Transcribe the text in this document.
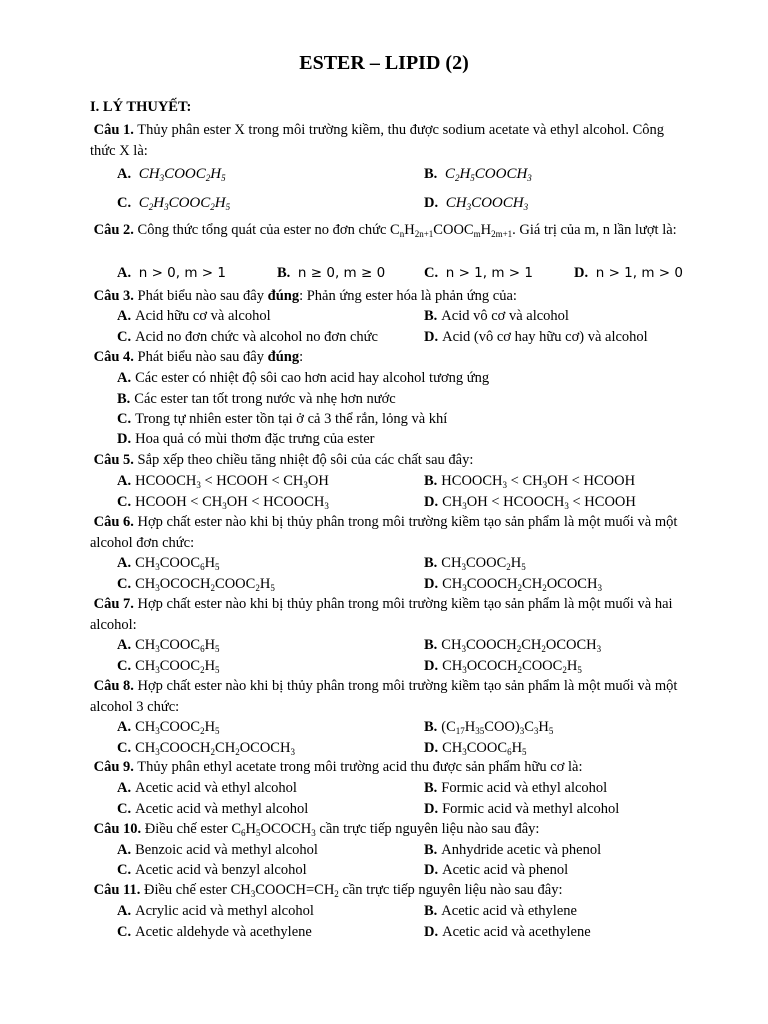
ESTER – LIPID (2)
I. LÝ THUYẾT:
Câu 1. Thủy phân ester X trong môi trường kiềm, thu được sodium acetate và ethyl alcohol. Công thức X là:
A. $CH_3COOC_2H_5$	B. $C_2H_5COOCH_3$
C. $C_2H_3COOC_2H_5$	D. $CH_3COOCH_3$
Câu 2. Công thức tổng quát của ester no đơn chức $C_nH_{2n+1}COOC_mH_{2m+1}$. Giá trị của m, n lần lượt là:
A. n > 0, m > 1	B. n ≥ 0, m ≥ 0	C. n > 1, m > 1	D. n > 1, m > 0
Câu 3. Phát biểu nào sau đây đúng: Phản ứng ester hóa là phản ứng của:
A. Acid hữu cơ và alcohol	B. Acid vô cơ và alcohol
C. Acid no đơn chức và alcohol no đơn chức	D. Acid (vô cơ hay hữu cơ) và alcohol
Câu 4. Phát biểu nào sau đây đúng:
A. Các ester có nhiệt độ sôi cao hơn acid hay alcohol tương ứng
B. Các ester tan tốt trong nước và nhẹ hơn nước
C. Trong tự nhiên ester tồn tại ở cả 3 thể rắn, lỏng và khí
D. Hoa quả có mùi thơm đặc trưng của ester
Câu 5. Sắp xếp theo chiều tăng nhiệt độ sôi của các chất sau đây:
A. $HCOOCH_3$ < HCOOH < $CH_3OH$	B. $HCOOCH_3 < CH_3OH$ < HCOOH
C. HCOOH < $CH_3OH$ < $HCOOCH_3$	D. $CH_3OH$ < $HCOOCH_3$ < HCOOH
Câu 6. Hợp chất ester nào khi bị thủy phân trong môi trường kiềm tạo sản phẩm là một muối và một alcohol đơn chức:
A. $CH_3COOC_6H_5$	B. $CH_3COOC_2H_5$
C. $CH_3OCOCH_2COOC_2H_5$	D. $CH_3COOCH_2CH_2OCOCH_3$
Câu 7. Hợp chất ester nào khi bị thủy phân trong môi trường kiềm tạo sản phẩm là một muối và hai alcohol:
A. $CH_3COOC_6H_5$	B. $CH_3COOCH_2CH_2OCOCH_3$
C. $CH_3COOC_2H_5$	D. $CH_3OCOCH_2COOC_2H_5$
Câu 8. Hợp chất ester nào khi bị thủy phân trong môi trường kiềm tạo sản phẩm là một muối và một alcohol 3 chức:
A. $CH_3COOC_2H_5$	B. $(C_{17}H_{35}COO)_3C_3H_5$
C. $CH_3COOCH_2CH_2OCOCH_3$	D. $CH_3COOC_6H_5$
Câu 9. Thủy phân ethyl acetate trong môi trường acid thu được sản phẩm hữu cơ là:
A. Acetic acid và ethyl alcohol	B. Formic acid và ethyl alcohol
C. Acetic acid và methyl alcohol	D. Formic acid và methyl alcohol
Câu 10. Điều chế ester $C_6H_5OCOCH_3$ cần trực tiếp nguyên liệu nào sau đây:
A. Benzoic acid và methyl alcohol	B. Anhydride acetic và phenol
C. Acetic acid và benzyl alcohol	D. Acetic acid và phenol
Câu 11. Điều chế ester $CH_3COOCH=CH_2$ cần trực tiếp nguyên liệu nào sau đây:
A. Acrylic acid và methyl alcohol	B. Acetic acid và ethylene
C. Acetic aldehyde và acethylene	D. Acetic acid và acethylene
